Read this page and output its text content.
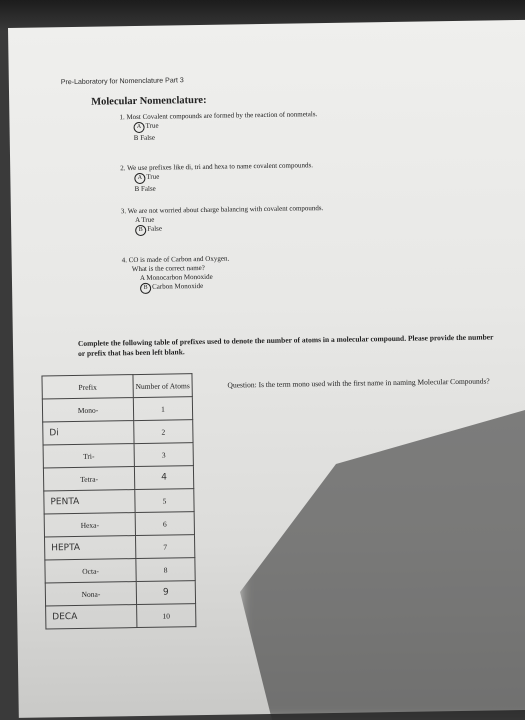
Pre-Laboratory for Nomenclature Part 3
Molecular Nomenclature:
1. Most Covalent compounds are formed by the reaction of nonmetals.
A True
B False
2. We use prefixes like di, tri and hexa to name covalent compounds.
A True
B False
3. We are not worried about charge balancing with covalent compounds.
A True
B False
4. CO is made of Carbon and Oxygen.
What is the correct name?
A Monocarbon Monoxide
B Carbon Monoxide
Complete the following table of prefixes used to denote the number of atoms in a molecular compound. Please provide the number or prefix that has been left blank.
Prefix	Number of Atoms
Mono-	1
Di	2
Tri-	3
Tetra-	4
PENTA	5
Hexa-	6
HEPTA	7
Octa-	8
Nona-	9
DECA	10
Question: Is the term mono used with the first name in naming Molecular Compounds?
